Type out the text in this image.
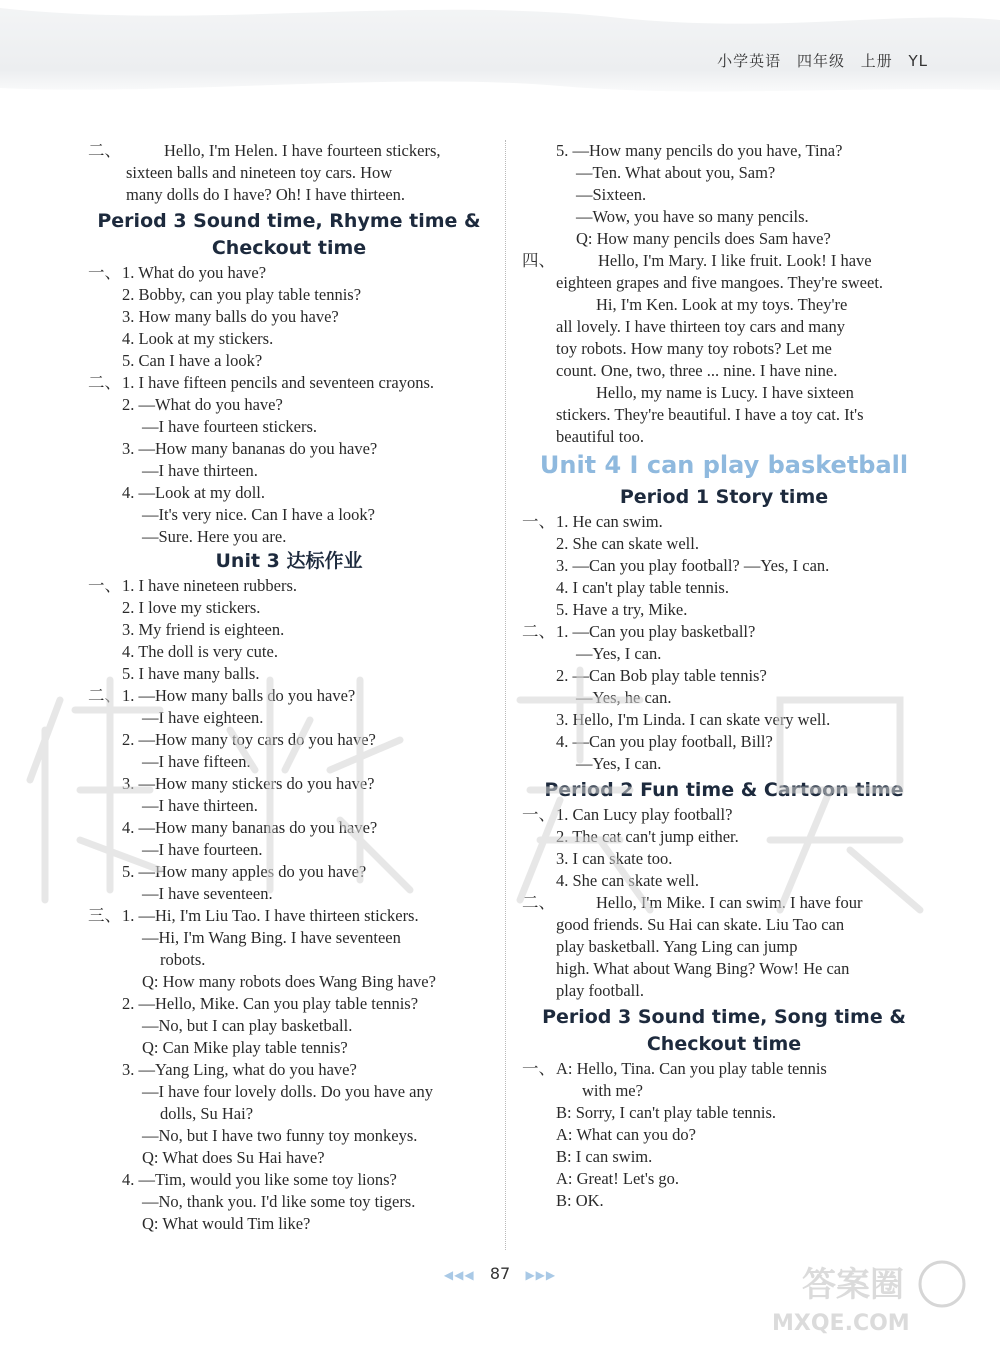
小学英语 四年级 上册 YL
二、	Hello, I'm Helen. I have fourteen stickers,
sixteen balls and nineteen toy cars. How
many dolls do I have? Oh! I have thirteen.
Period 3 Sound time, Rhyme time &
Checkout time
一、 1. What do you have?
2. Bobby, can you play table tennis?
3. How many balls do you have?
4. Look at my stickers.
5. Can I have a look?
二、 1. I have fifteen pencils and seventeen crayons.
2. —What do you have?
—I have fourteen stickers.
3. —How many bananas do you have?
—I have thirteen.
4. —Look at my doll.
—It's very nice. Can I have a look?
—Sure. Here you are.
Unit 3 达标作业
一、 1. I have nineteen rubbers.
2. I love my stickers.
3. My friend is eighteen.
4. The doll is very cute.
5. I have many balls.
二、 1. —How many balls do you have?
—I have eighteen.
2. —How many toy cars do you have?
—I have fifteen.
3. —How many stickers do you have?
—I have thirteen.
4. —How many bananas do you have?
—I have fourteen.
5. —How many apples do you have?
—I have seventeen.
三、 1. —Hi, I'm Liu Tao. I have thirteen stickers.
—Hi, I'm Wang Bing. I have seventeen
robots.
Q: How many robots does Wang Bing have?
2. —Hello, Mike. Can you play table tennis?
—No, but I can play basketball.
Q: Can Mike play table tennis?
3. —Yang Ling, what do you have?
—I have four lovely dolls. Do you have any
dolls, Su Hai?
—No, but I have two funny toy monkeys.
Q: What does Su Hai have?
4. —Tim, would you like some toy lions?
—No, thank you. I'd like some toy tigers.
Q: What would Tim like?
5. —How many pencils do you have, Tina?
—Ten. What about you, Sam?
—Sixteen.
—Wow, you have so many pencils.
Q: How many pencils does Sam have?
四、	Hello, I'm Mary. I like fruit. Look! I have
eighteen grapes and five mangoes. They're sweet.
Hi, I'm Ken. Look at my toys. They're
all lovely. I have thirteen toy cars and many
toy robots. How many toy robots? Let me
count. One, two, three ... nine. I have nine.
Hello, my name is Lucy. I have sixteen
stickers. They're beautiful. I have a toy cat. It's
beautiful too.
Unit 4 I can play basketball
Period 1 Story time
一、 1. He can swim.
2. She can skate well.
3. —Can you play football? —Yes, I can.
4. I can't play table tennis.
5. Have a try, Mike.
二、 1. —Can you play basketball?
—Yes, I can.
2. —Can Bob play table tennis?
—Yes, he can.
3. Hello, I'm Linda. I can skate very well.
4. —Can you play football, Bill?
—Yes, I can.
Period 2 Fun time & Cartoon time
一、 1. Can Lucy play football?
2. The cat can't jump either.
3. I can skate too.
4. She can skate well.
二、 Hello, I'm Mike. I can swim. I have four
good friends. Su Hai can skate. Liu Tao can
play basketball. Yang Ling can jump
high. What about Wang Bing? Wow! He can
play football.
Period 3 Sound time, Song time &
Checkout time
一、 A: Hello, Tina. Can you play table tennis
with me?
B: Sorry, I can't play table tennis.
A: What can you do?
B: I can swim.
A: Great! Let's go.
B: OK.
◀◀◀ 87 ▶▶▶	答案圈
MXQE.COM
